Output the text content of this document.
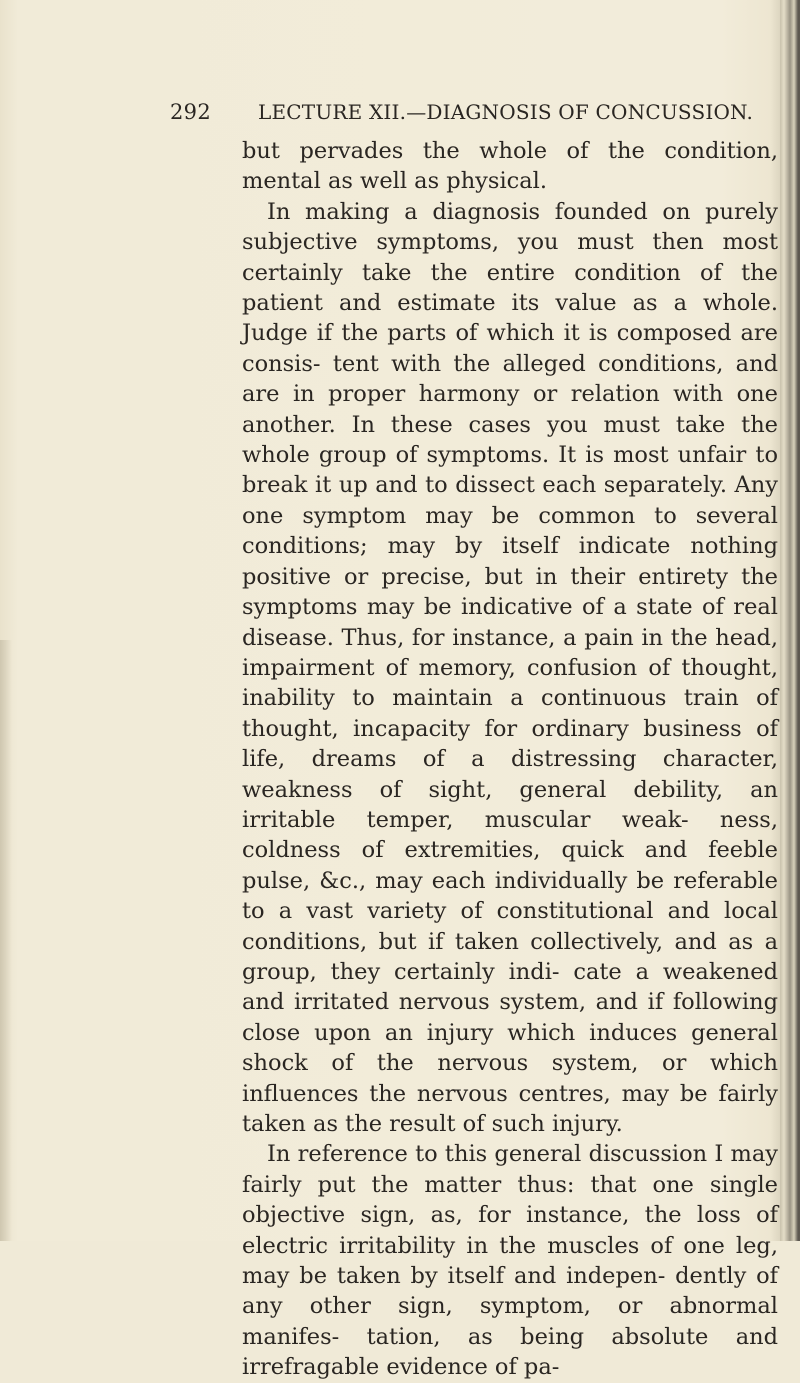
292 LECTURE XII.—DIAGNOSIS OF CONCUSSION.

but pervades the whole of the condition, mental as well as physical.

In making a diagnosis founded on purely subjective symptoms, you must then most certainly take the entire condition of the patient and estimate its value as a whole. Judge if the parts of which it is composed are consis- tent with the alleged conditions, and are in proper harmony or relation with one another. In these cases you must take the whole group of symptoms. It is most unfair to break it up and to dissect each separately. Any one symptom may be common to several conditions; may by itself indicate nothing positive or precise, but in their entirety the symptoms may be indicative of a state of real disease. Thus, for instance, a pain in the head, impairment of memory, confusion of thought, inability to maintain a continuous train of thought, incapacity for ordinary business of life, dreams of a distressing character, weakness of sight, general debility, an irritable temper, muscular weak- ness, coldness of extremities, quick and feeble pulse, &c., may each individually be referable to a vast variety of constitutional and local conditions, but if taken collectively, and as a group, they certainly indi- cate a weakened and irritated nervous system, and if following close upon an injury which induces general shock of the nervous system, or which influences the nervous centres, may be fairly taken as the result of such injury.

In reference to this general discussion I may fairly put the matter thus: that one single objective sign, as, for instance, the loss of electric irritability in the muscles of one leg, may be taken by itself and indepen- dently of any other sign, symptom, or abnormal manifes- tation, as being absolute and irrefragable evidence of pa-
